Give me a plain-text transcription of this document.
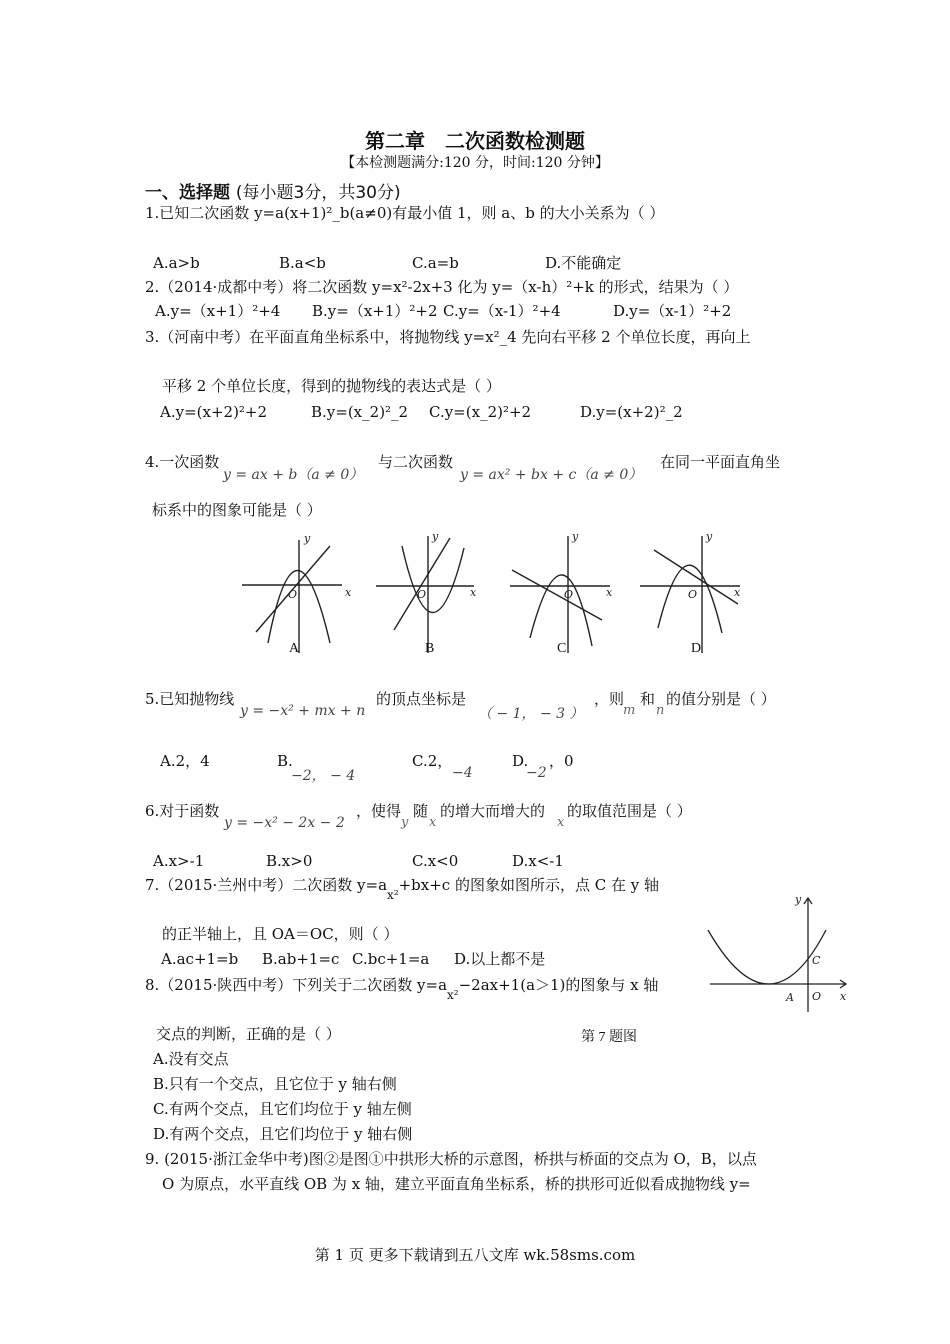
第二章　二次函数检测题
【本检测题满分:120 分，时间:120 分钟】
一、选择题 (每小题3分，共30分)
1.已知二次函数 y=a(x+1)²_b(a≠0)有最小值 1，则 a、b 的大小关系为（ ）
A.a>b	B.a<b	C.a=b	D.不能确定
2.（2014·成都中考）将二次函数 y=x²-2x+3 化为 y=（x-h）²+k 的形式，结果为（ ）
A.y=（x+1）²+4 B.y=（x+1）²+2 C.y=（x-1）²+4	D.y=（x-1）²+2
3.（河南中考）在平面直角坐标系中，将抛物线 y=x²_4 先向右平移 2 个单位长度，再向上
平移 2 个单位长度，得到的抛物线的表达式是（ ）
A.y=(x+2)²+2	B.y=(x_2)²_2 C.y=(x_2)²+2	D.y=(x+2)²_2
4.一次函数
y = ax + b（a ≠ 0）
与二次函数
y = ax² + bx + c（a ≠ 0）
在同一平面直角坐
标系中的图象可能是（ ）
x
y
O	x
y
O	x
y
O	x
y
O
A	B	C	D
5.已知抛物线
y = −x² + mx + n
的顶点坐标是
（ − 1， − 3 ）
，则
m
和
n
的值分别是（ ）
A.2，4	B.
−2， − 4
C.2，
−4
D.
−2
，0
6.对于函数
y = −x² − 2x − 2
，使得
y
随
x
的增大而增大的
x
的取值范围是（ ）
A.x>-1	B.x>0	C.x<0	D.x<-1
7.（2015·兰州中考）二次函数 $y=a_{x^2}+bx+c$ 的图象如图所示，点 C 在 y 轴
的正半轴上，且 OA＝OC，则（ ）
A.ac+1=b B.ab+1=c C.bc+1=a D.以上都不是
y
x
C
A O
8.（2015·陕西中考）下列关于二次函数 $y=a_{x^2}-2ax+1(a>1)$的图象与 x 轴
交点的判断，正确的是（ ）	第 7 题图
A.没有交点
B.只有一个交点，且它位于 y 轴右侧
C.有两个交点，且它们均位于 y 轴左侧
D.有两个交点，且它们均位于 y 轴右侧
9. (2015·浙江金华中考)图②是图①中拱形大桥的示意图，桥拱与桥面的交点为 O，B，以点
O 为原点，水平直线 OB 为 x 轴，建立平面直角坐标系，桥的拱形可近似看成抛物线 y=
第 1 页 更多下载请到五八文库 wk.58sms.com
